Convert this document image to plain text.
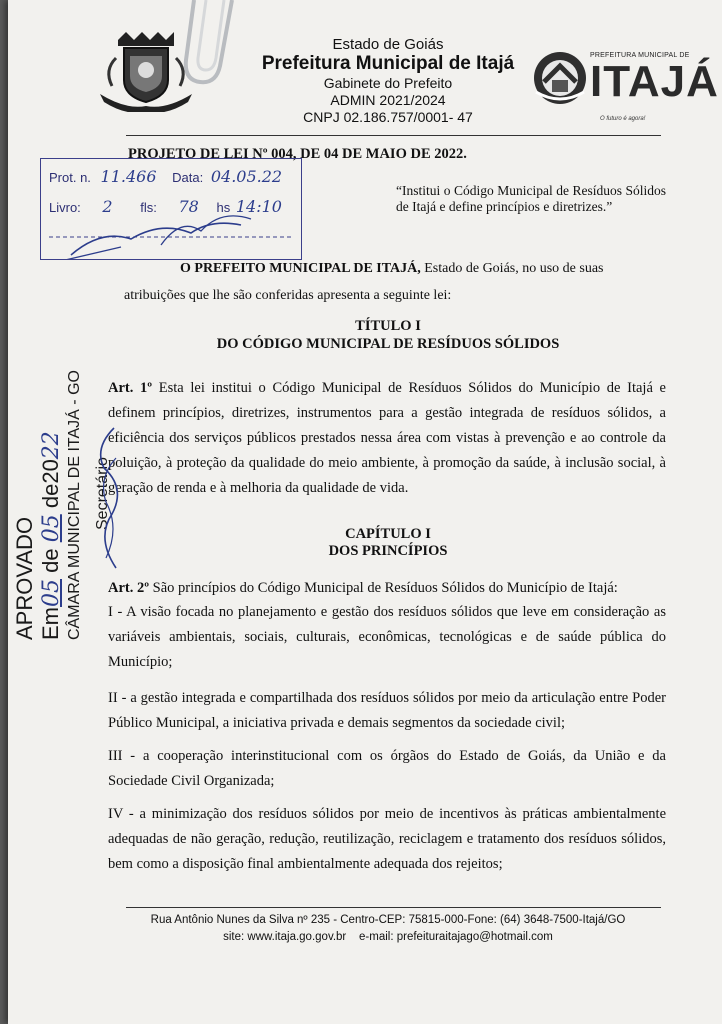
Estado de Goiás
Prefeitura Municipal de Itajá
Gabinete do Prefeito
ADMIN 2021/2024
CNPJ 02.186.757/0001- 47
PREFEITURA MUNICIPAL DE
ITAJÁ
O futuro é agora!
PROJETO DE LEI Nº 004, DE 04 DE MAIO DE 2022.
Prot. n. 11.466 Data: 04.05.22
Livro: 2 fls: 78 hs 14:10
“Institui o Código Municipal de Resíduos Sólidos de Itajá e define princípios e diretrizes.”
O PREFEITO MUNICIPAL DE ITAJÁ, Estado de Goiás, no uso de suas atribuições que lhe são conferidas apresenta a seguinte lei:
TÍTULO I
DO CÓDIGO MUNICIPAL DE RESÍDUOS SÓLIDOS
Art. 1º Esta lei institui o Código Municipal de Resíduos Sólidos do Município de Itajá e definem princípios, diretrizes, instrumentos para a gestão integrada de resíduos sólidos, a eficiência dos serviços públicos prestados nessa área com vistas à prevenção e ao controle da poluição, à proteção da qualidade do meio ambiente, à promoção da saúde, à inclusão social, à geração de renda e à melhoria da qualidade de vida.
CAPÍTULO I
DOS PRINCÍPIOS
Art. 2º São princípios do Código Municipal de Resíduos Sólidos do Município de Itajá:
I - A visão focada no planejamento e gestão dos resíduos sólidos que leve em consideração as variáveis ambientais, sociais, culturais, econômicas, tecnológicas e de saúde pública do Município;
II - a gestão integrada e compartilhada dos resíduos sólidos por meio da articulação entre Poder Público Municipal, a iniciativa privada e demais segmentos da sociedade civil;
III - a cooperação interinstitucional com os órgãos do Estado de Goiás, da União e da Sociedade Civil Organizada;
IV - a minimização dos resíduos sólidos por meio de incentivos às práticas ambientalmente adequadas de não geração, redução, reutilização, reciclagem e tratamento dos resíduos sólidos, bem como a disposição final ambientalmente adequada dos rejeitos;
APROVADO Em05 de 05 de2022 CÂMARA MUNICIPAL DE ITAJÁ - GO Secretário
Rua Antônio Nunes da Silva nº 235 - Centro-CEP: 75815-000-Fone: (64) 3648-7500-Itajá/GO
site: www.itaja.go.gov.br    e-mail: prefeituraitajago@hotmail.com
